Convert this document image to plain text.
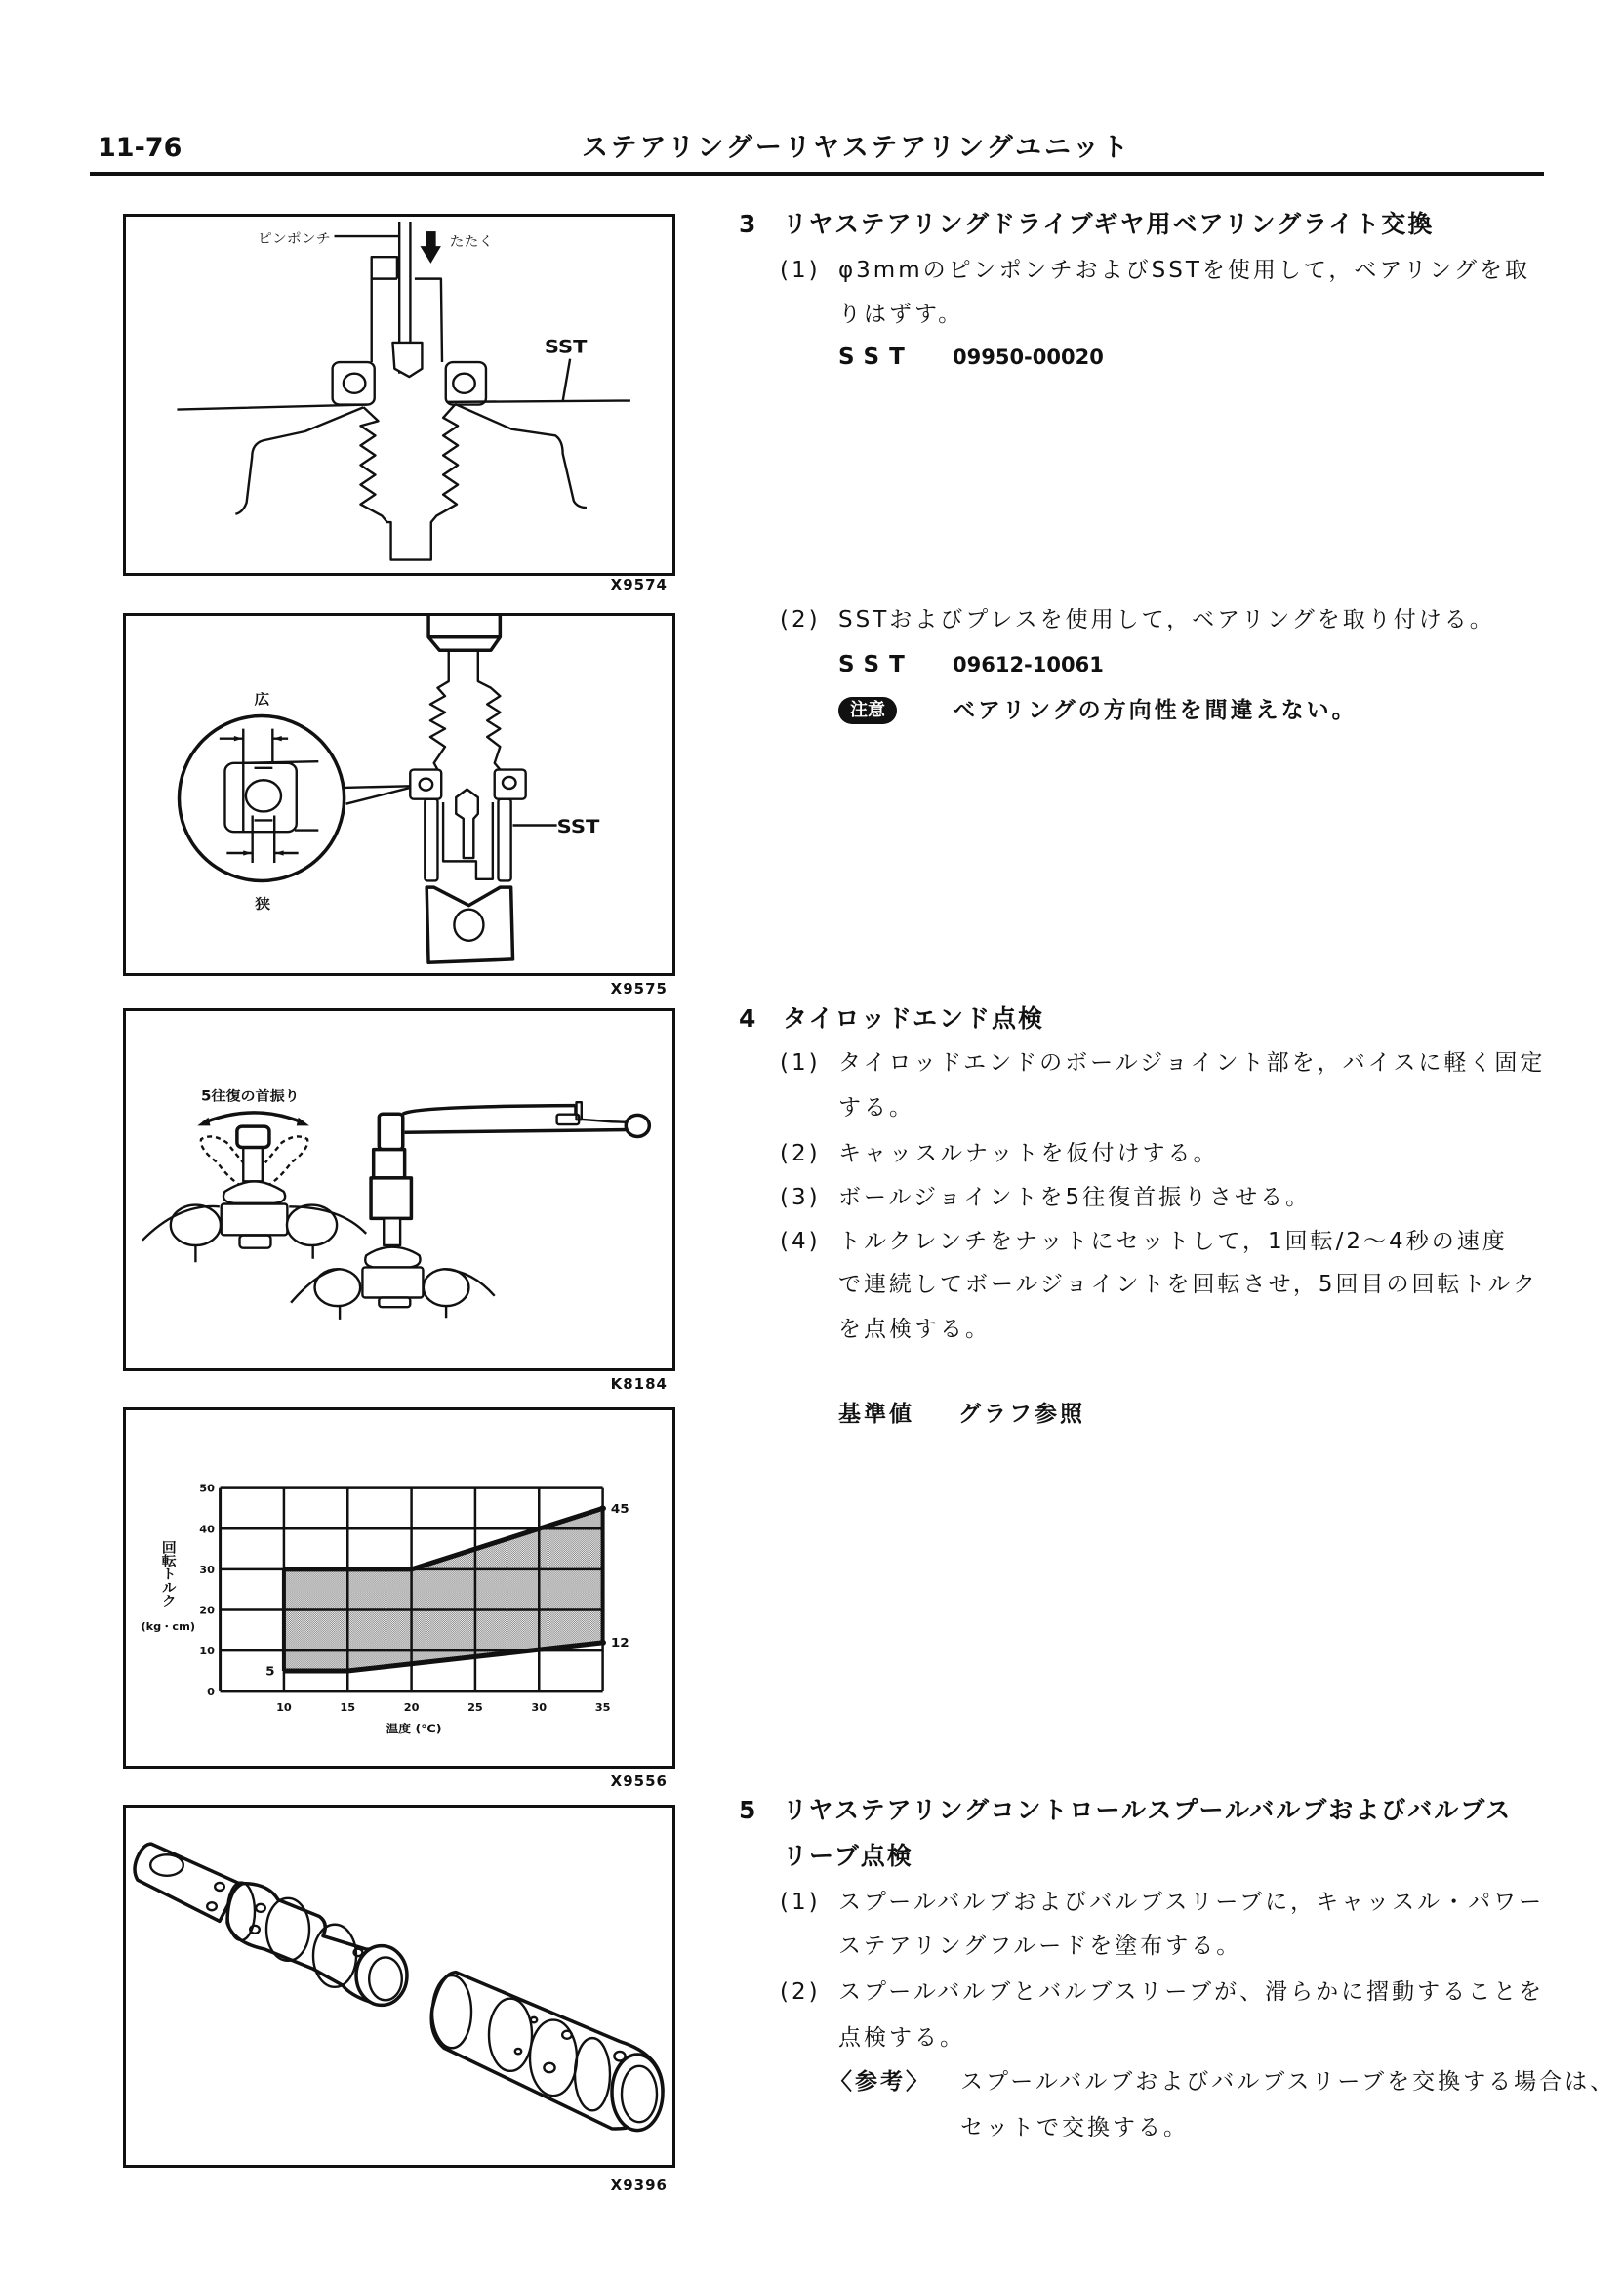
11-76	ステアリングーリヤステアリングユニット
ピンポンチ	たたく
SST
X9574
広
狭
SST
X9575
5往復の首振り
K8184
10 15 20 25 30 35
0
10
20
30
40
50
5
45
12
回転トルク
(kg・cm)
温度 (℃)
X9556
X9396
3 リヤステアリングドライブギヤ用ベアリングライト交換
(1) φ3mmのピンポンチおよびSSTを使用して，ベアリングを取
りはずす。
SST 09950-00020
(2) SSTおよびプレスを使用して，ベアリングを取り付ける。
SST 09612-10061
注意	ベアリングの方向性を間違えない。
4 タイロッドエンド点検
(1) タイロッドエンドのボールジョイント部を，バイスに軽く固定
する。
(2) キャッスルナットを仮付けする。
(3) ボールジョイントを5往復首振りさせる。
(4) トルクレンチをナットにセットして，1回転/2〜4秒の速度
で連続してボールジョイントを回転させ，5回目の回転トルク
を点検する。
基準値 グラフ参照
5 リヤステアリングコントロールスプールバルブおよびバルブス
リーブ点検
(1) スプールバルブおよびバルブスリーブに，キャッスル・パワー
ステアリングフルードを塗布する。
(2) スプールバルブとバルブスリーブが、滑らかに摺動することを
点検する。
〈参考〉 スプールバルブおよびバルブスリーブを交換する場合は、
セットで交換する。
